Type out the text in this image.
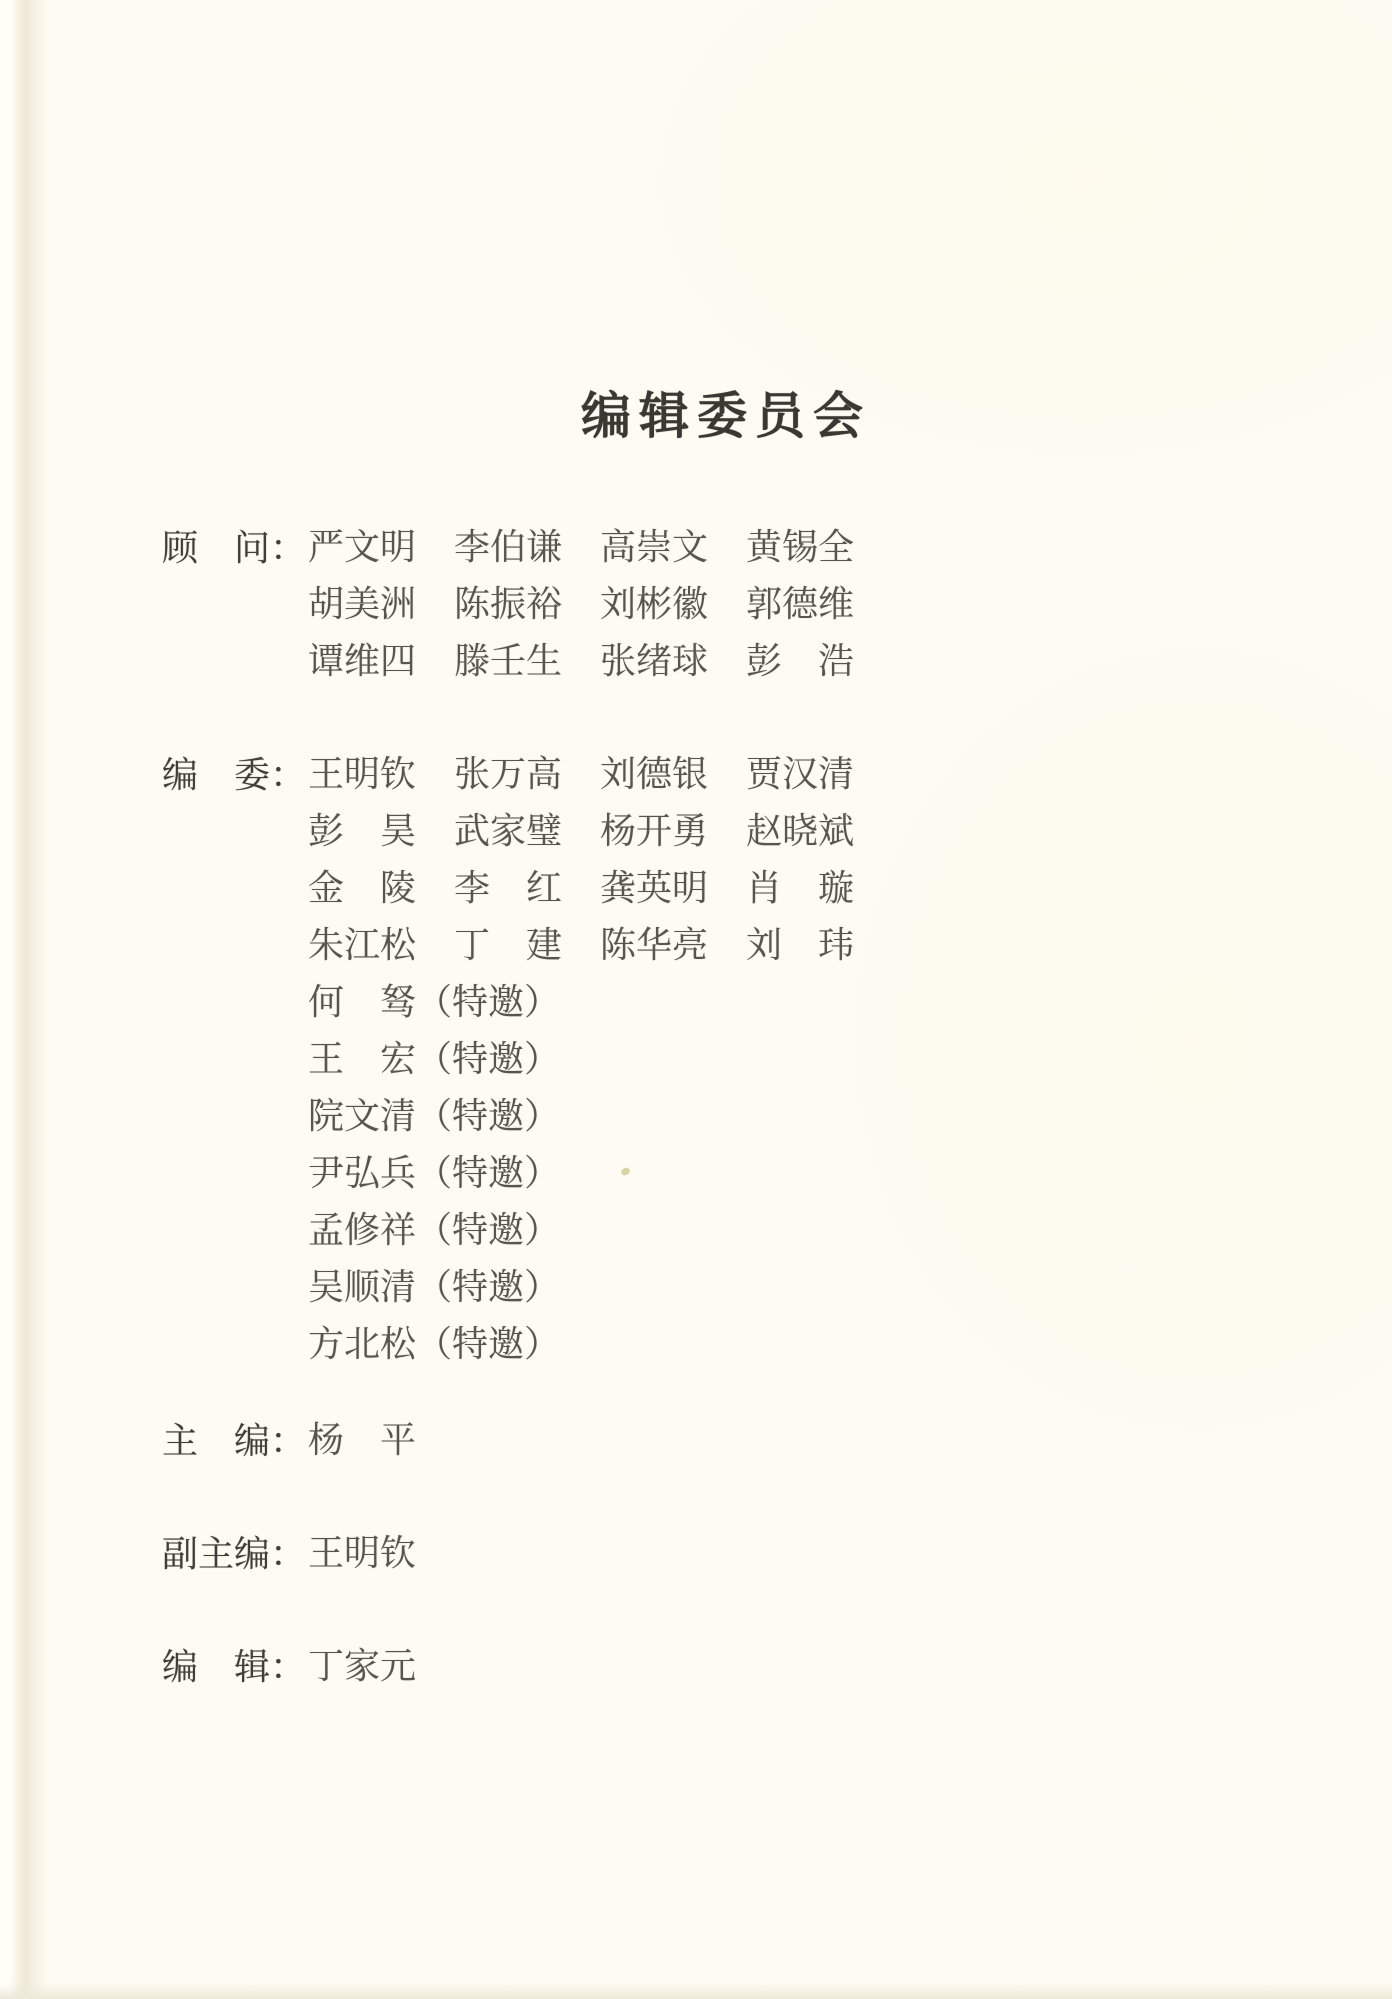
编辑委员会
顾　问： 严文明	李伯谦	高崇文	黄锡全
胡美洲	陈振裕	刘彬徽	郭德维
谭维四	滕壬生	张绪球	彭　浩
编　委： 王明钦	张万高	刘德银	贾汉清
彭　昊	武家璧	杨开勇	赵晓斌
金　陵	李　红	龚英明	肖　璇
朱江松	丁　建	陈华亮	刘　玮
何　驽（特邀）
王　宏（特邀）
院文清（特邀）
尹弘兵（特邀）
孟修祥（特邀）
吴顺清（特邀）
方北松（特邀）
主　编： 杨　平
副主编： 王明钦
编　辑： 丁家元
